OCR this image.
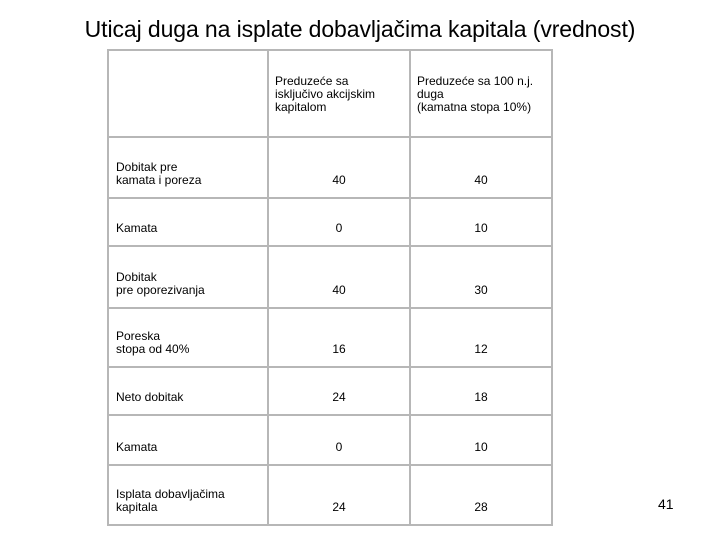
Uticaj duga na isplate dobavljačima kapitala (vrednost)

	Preduzeće sa
isključivo akcijskim
kapitalom	Preduzeće sa 100 n.j.
duga
(kamatna stopa 10%)

Dobitak pre
kamata i poreza	40	40
Kamata	0	10
Dobitak
pre oporezivanja	40	30
Poreska
stopa od 40%	16	12
Neto dobitak	24	18
Kamata	0	10
Isplata dobavljačima
kapitala	24	28	41
